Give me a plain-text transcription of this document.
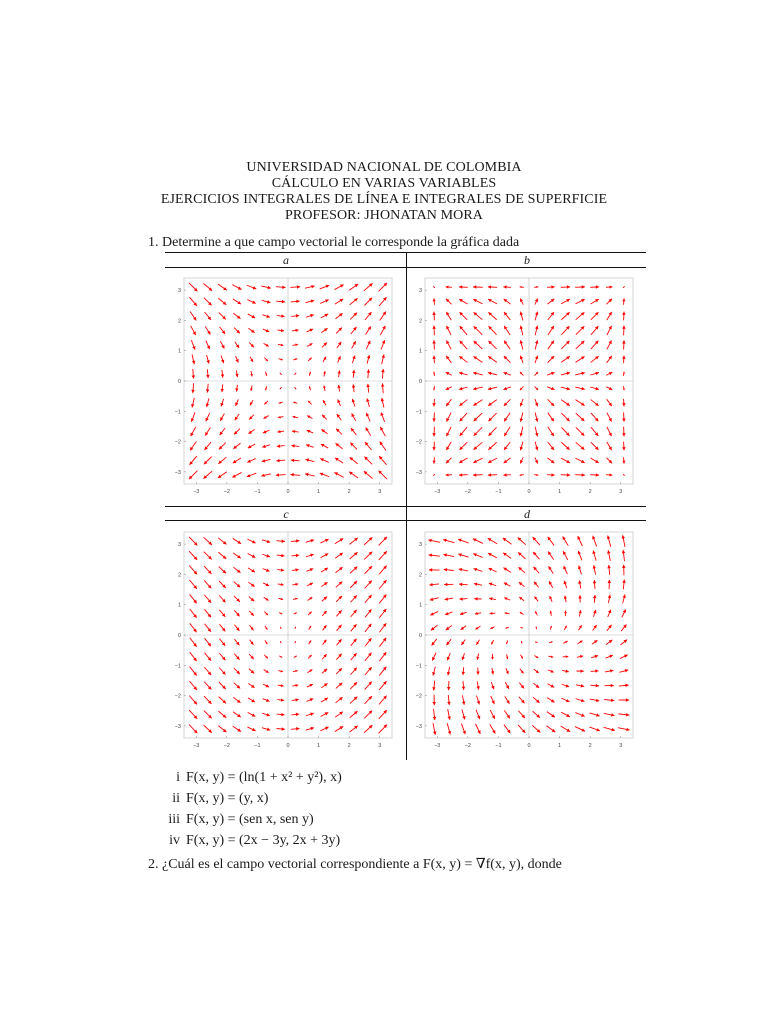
UNIVERSIDAD NACIONAL DE COLOMBIA
CÁLCULO EN VARIAS VARIABLES
EJERCICIOS INTEGRALES DE LÍNEA E INTEGRALES DE SUPERFICIE
PROFESOR: JHONATAN MORA
1. Determine a que campo vectorial le corresponde la gráfica dada
a	b
c	d
−3
−3
−2
−2
−1
−1
0
0
1
1
2
2
3
3
−3
−3
−2
−2
−1
−1
0
0
1
1
2
2
3
3
−3
−3
−2
−2
−1
−1
0
0
1
1
2
2
3
3
−3
−3
−2
−2
−1
−1
0
0
1
1
2
2
3
3
i F(x, y) = (ln(1 + x² + y²), x)
ii F(x, y) = (y, x)
iii F(x, y) = (sen x, sen y)
iv F(x, y) = (2x − 3y, 2x + 3y)
2. ¿Cuál es el campo vectorial correspondiente a F(x, y) = ∇f(x, y), donde
